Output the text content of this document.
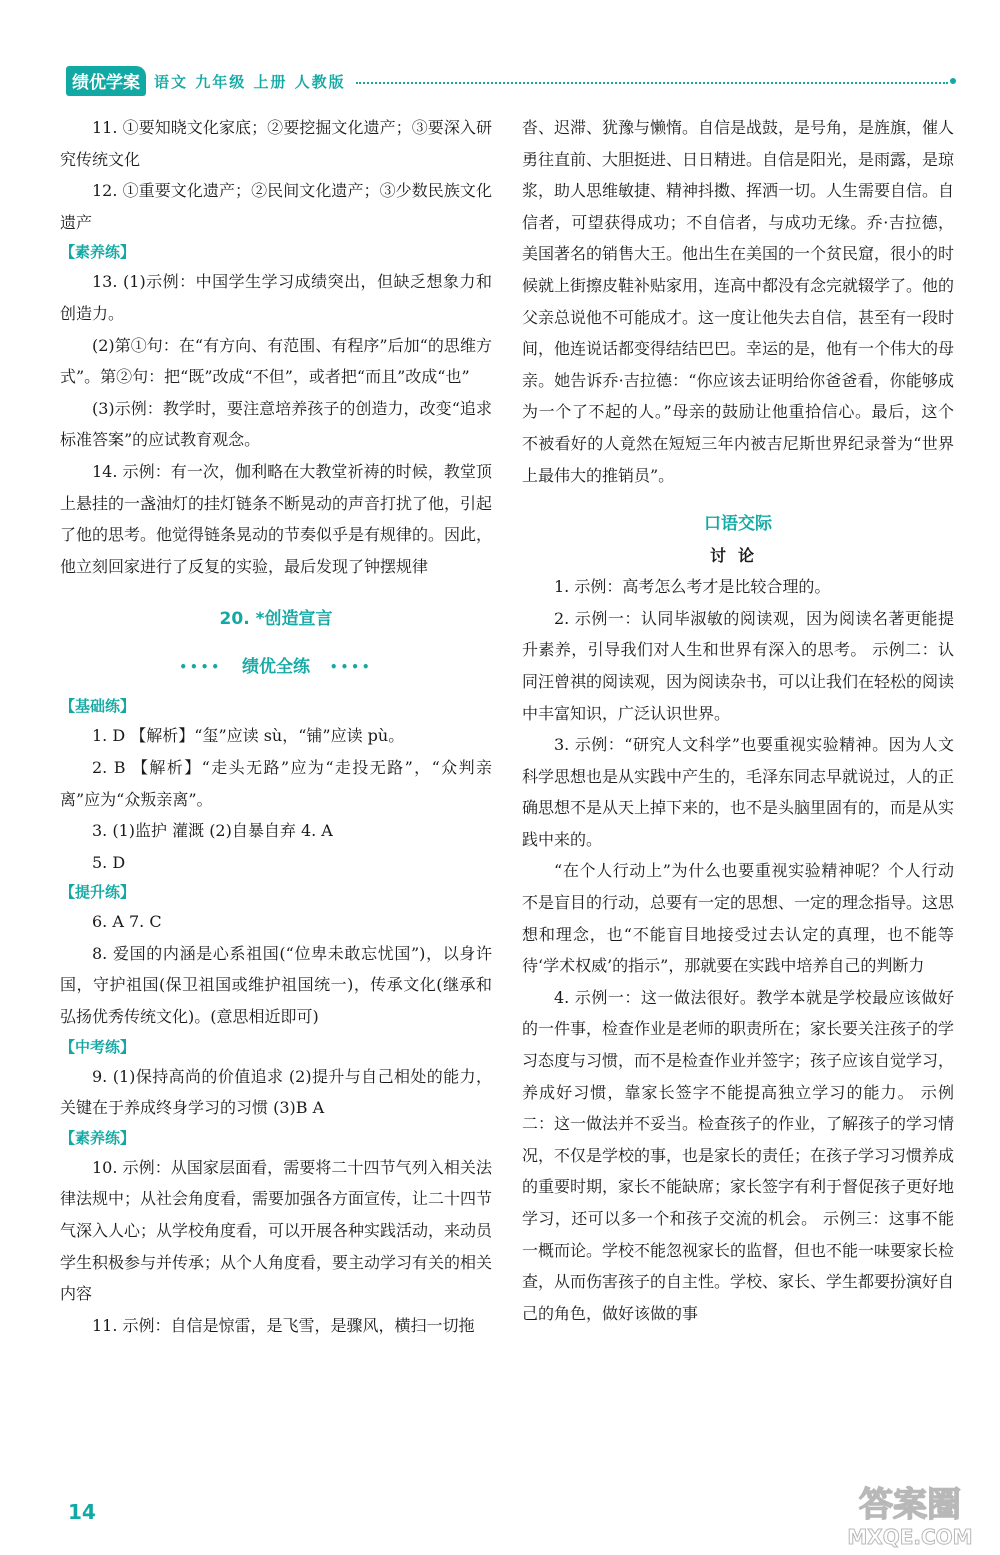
绩优学案 语文 九年级 上册 人教版

11. ①要知晓文化家底；②要挖掘文化遗产；③要深入研究传统文化

12. ①重要文化遗产；②民间文化遗产；③少数民族文化遗产

【素养练】

13. (1)示例：中国学生学习成绩突出，但缺乏想象力和创造力。

(2)第①句：在“有方向、有范围、有程序”后加“的思维方式”。第②句：把“既”改成“不但”，或者把“而且”改成“也”

(3)示例：教学时，要注意培养孩子的创造力，改变“追求标准答案”的应试教育观念。

14. 示例：有一次，伽利略在大教堂祈祷的时候，教堂顶上悬挂的一盏油灯的挂灯链条不断晃动的声音打扰了他，引起了他的思考。他觉得链条晃动的节奏似乎是有规律的。因此，他立刻回家进行了反复的实验，最后发现了钟摆规律

20. *创造宣言

•••• 绩优全练 ••••

【基础练】

1. D 【解析】“玺”应读 sù，“铺”应读 pù。

2. B 【解析】“走头无路”应为“走投无路”，“众判亲离”应为“众叛亲离”。

3. (1)监护 灌溉 (2)自暴自弃 4. A

5. D

【提升练】

6. A 7. C

8. 爱国的内涵是心系祖国(“位卑未敢忘忧国”)，以身许国，守护祖国(保卫祖国或维护祖国统一)，传承文化(继承和弘扬优秀传统文化)。(意思相近即可)

【中考练】

9. (1)保持高尚的价值追求 (2)提升与自己相处的能力，关键在于养成终身学习的习惯 (3)B A

【素养练】

10. 示例：从国家层面看，需要将二十四节气列入相关法律法规中；从社会角度看，需要加强各方面宣传，让二十四节气深入人心；从学校角度看，可以开展各种实践活动，来动员学生积极参与并传承；从个人角度看，要主动学习有关的相关内容

11. 示例：自信是惊雷，是飞雪，是骤风，横扫一切拖

沓、迟滞、犹豫与懒惰。自信是战鼓，是号角，是旌旗，催人勇往直前、大胆挺进、日日精进。自信是阳光，是雨露，是琼浆，助人思维敏捷、精神抖擞、挥洒一切。人生需要自信。自信者，可望获得成功；不自信者，与成功无缘。乔·吉拉德，美国著名的销售大王。他出生在美国的一个贫民窟，很小的时候就上街擦皮鞋补贴家用，连高中都没有念完就辍学了。他的父亲总说他不可能成才。这一度让他失去自信，甚至有一段时间，他连说话都变得结结巴巴。幸运的是，他有一个伟大的母亲。她告诉乔·吉拉德：“你应该去证明给你爸爸看，你能够成为一个了不起的人。”母亲的鼓励让他重拾信心。最后，这个不被看好的人竟然在短短三年内被吉尼斯世界纪录誉为“世界上最伟大的推销员”。

口语交际

讨论

1. 示例：高考怎么考才是比较合理的。

2. 示例一：认同毕淑敏的阅读观，因为阅读名著更能提升素养，引导我们对人生和世界有深入的思考。 示例二：认同汪曾祺的阅读观，因为阅读杂书，可以让我们在轻松的阅读中丰富知识，广泛认识世界。

3. 示例：“研究人文科学”也要重视实验精神。因为人文科学思想也是从实践中产生的，毛泽东同志早就说过，人的正确思想不是从天上掉下来的，也不是头脑里固有的，而是从实践中来的。

“在个人行动上”为什么也要重视实验精神呢？个人行动不是盲目的行动，总要有一定的思想、一定的理念指导。这思想和理念，也“不能盲目地接受过去认定的真理，也不能等待‘学术权威’的指示”，那就要在实践中培养自己的判断力

4. 示例一：这一做法很好。教学本就是学校最应该做好的一件事，检查作业是老师的职责所在；家长要关注孩子的学习态度与习惯，而不是检查作业并签字；孩子应该自觉学习，养成好习惯，靠家长签字不能提高独立学习的能力。 示例二：这一做法并不妥当。检查孩子的作业，了解孩子的学习情况，不仅是学校的事，也是家长的责任；在孩子学习习惯养成的重要时期，家长不能缺席；家长签字有利于督促孩子更好地学习，还可以多一个和孩子交流的机会。 示例三：这事不能一概而论。学校不能忽视家长的监督，但也不能一味要家长检查，从而伤害孩子的自主性。学校、家长、学生都要扮演好自己的角色，做好该做的事

14	答案圈
MXQE.COM
